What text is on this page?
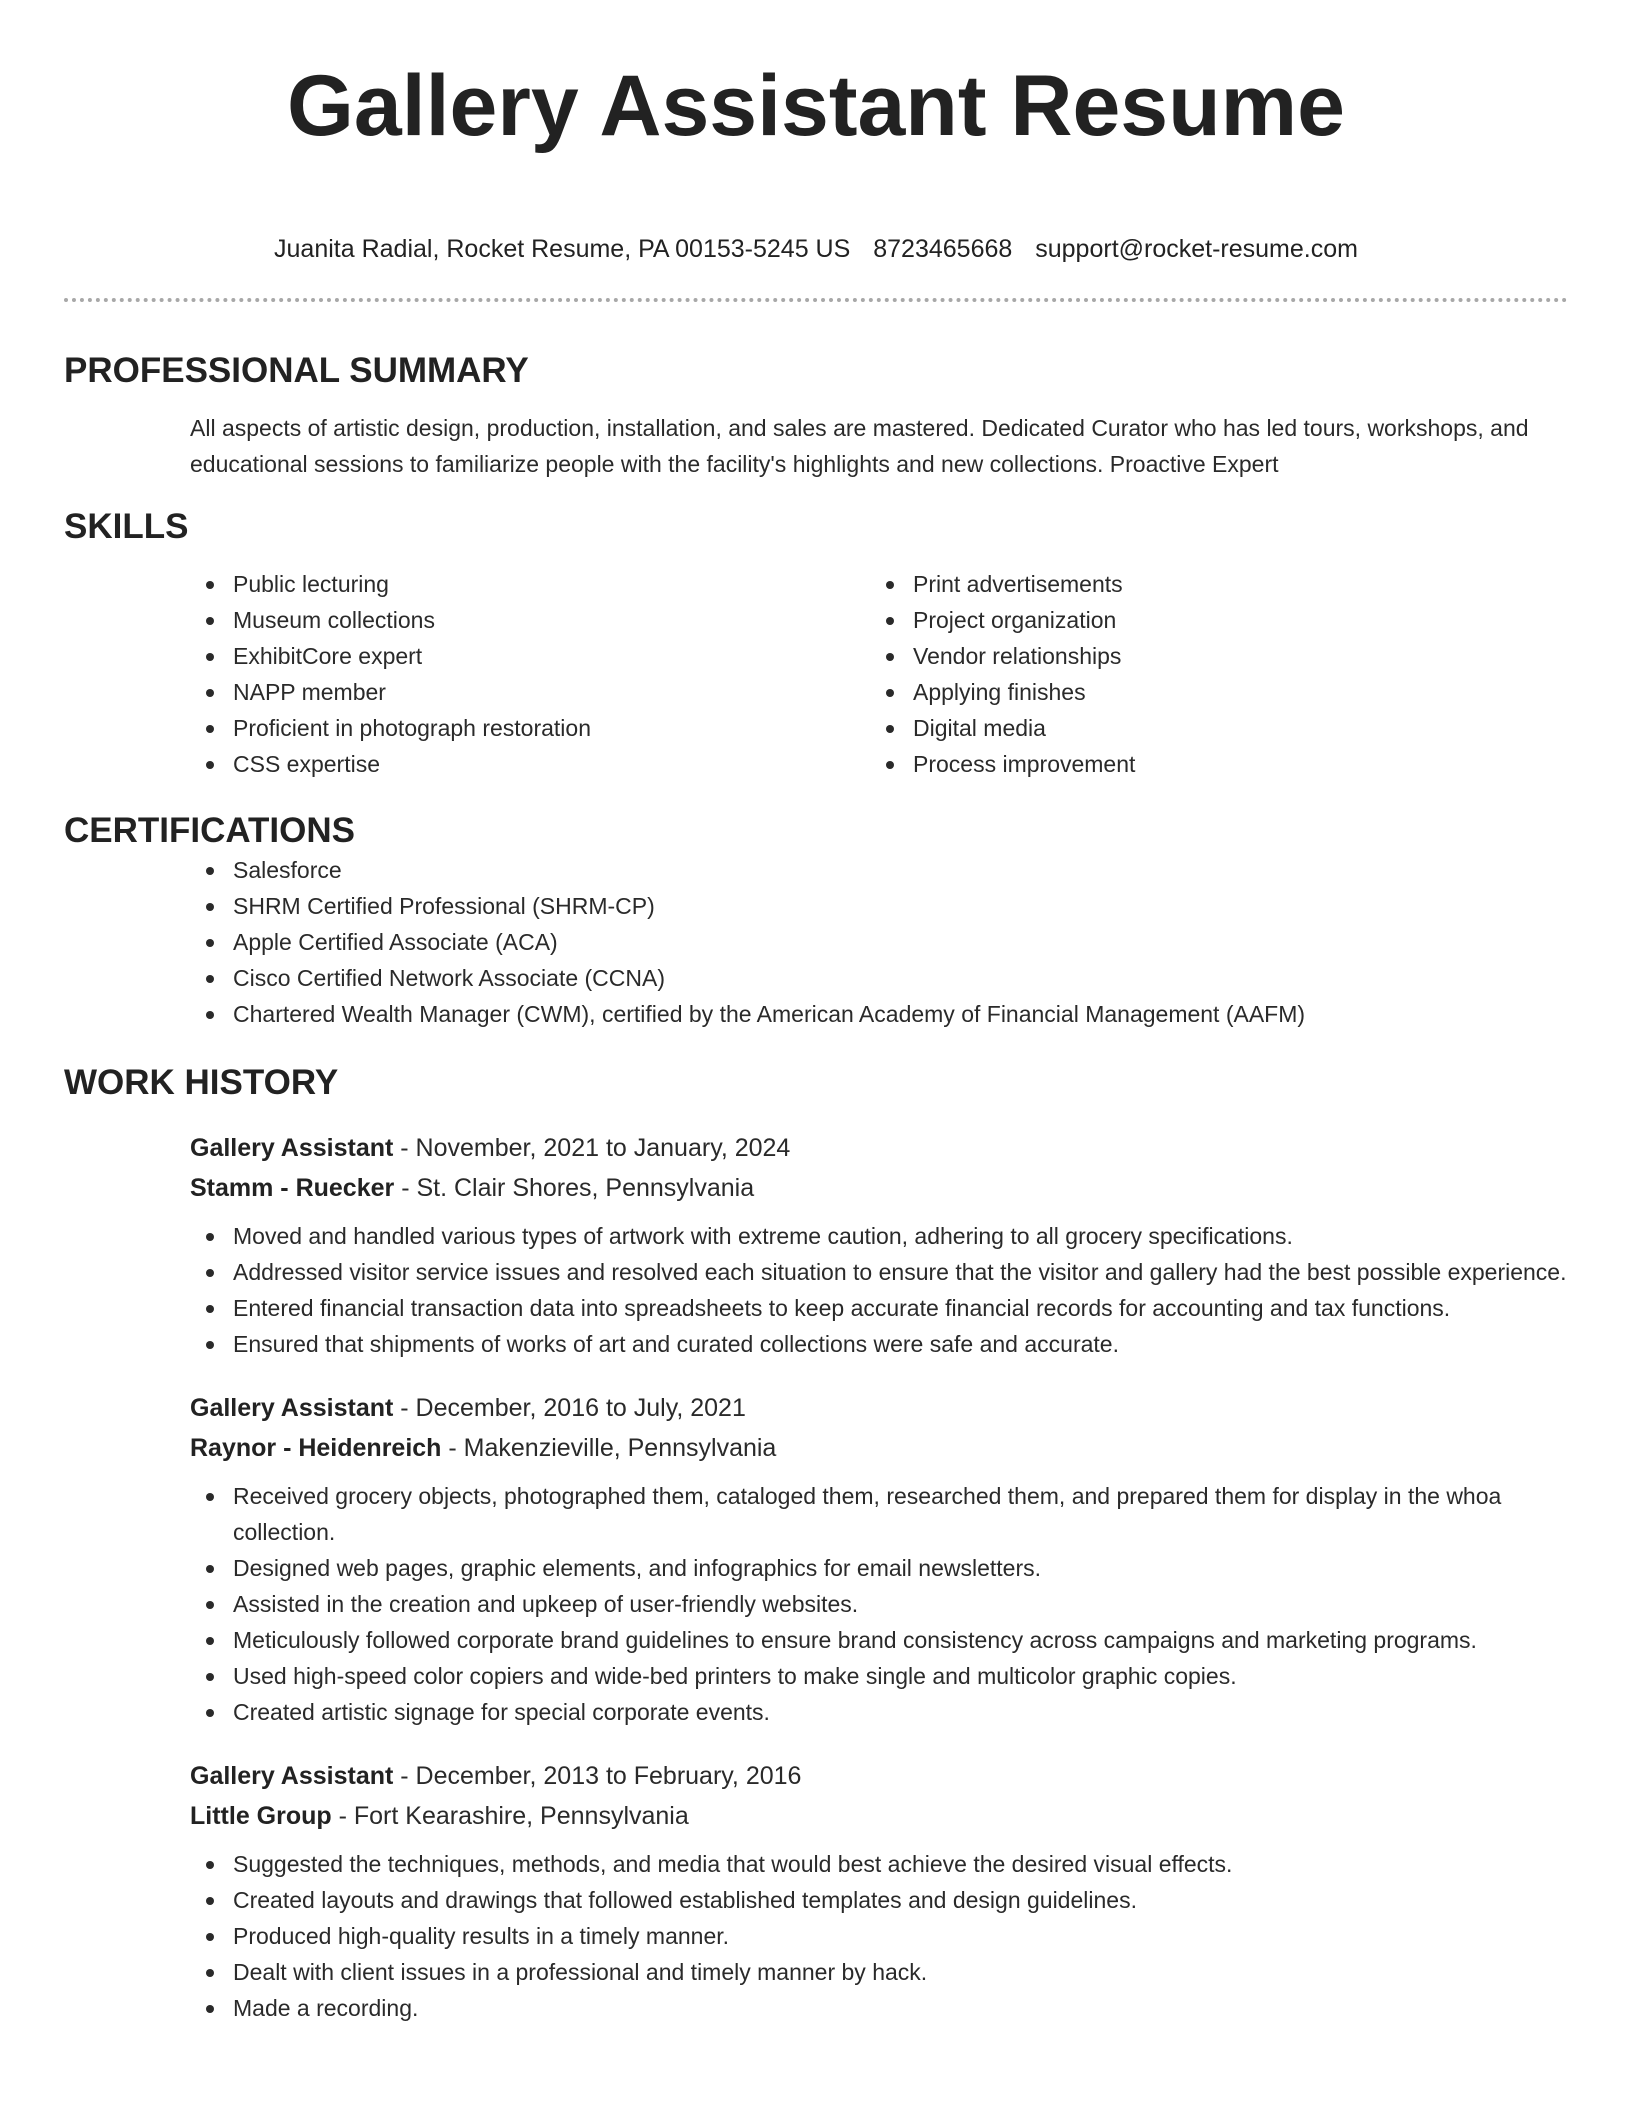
Gallery Assistant Resume
Juanita Radial, Rocket Resume, PA 00153-5245 US 8723465668 support@rocket-resume.com
PROFESSIONAL SUMMARY

All aspects of artistic design, production, installation, and sales are mastered. Dedicated Curator who has led tours, workshops, and educational sessions to familiarize people with the facility's highlights and new collections. Proactive Expert

SKILLS
Public lecturing
Museum collections
ExhibitCore expert
NAPP member
Proficient in photograph restoration
CSS expertise
Print advertisements
Project organization
Vendor relationships
Applying finishes
Digital media
Process improvement
CERTIFICATIONS
Salesforce
SHRM Certified Professional (SHRM-CP)
Apple Certified Associate (ACA)
Cisco Certified Network Associate (CCNA)
Chartered Wealth Manager (CWM), certified by the American Academy of Financial Management (AAFM)
WORK HISTORY
Gallery Assistant - November, 2021 to January, 2024
Stamm - Ruecker - St. Clair Shores, Pennsylvania
Moved and handled various types of artwork with extreme caution, adhering to all grocery specifications.
Addressed visitor service issues and resolved each situation to ensure that the visitor and gallery had the best possible experience.
Entered financial transaction data into spreadsheets to keep accurate financial records for accounting and tax functions.
Ensured that shipments of works of art and curated collections were safe and accurate.
Gallery Assistant - December, 2016 to July, 2021
Raynor - Heidenreich - Makenzieville, Pennsylvania
Received grocery objects, photographed them, cataloged them, researched them, and prepared them for display in the whoa collection.
Designed web pages, graphic elements, and infographics for email newsletters.
Assisted in the creation and upkeep of user-friendly websites.
Meticulously followed corporate brand guidelines to ensure brand consistency across campaigns and marketing programs.
Used high-speed color copiers and wide-bed printers to make single and multicolor graphic copies.
Created artistic signage for special corporate events.
Gallery Assistant - December, 2013 to February, 2016
Little Group - Fort Kearashire, Pennsylvania
Suggested the techniques, methods, and media that would best achieve the desired visual effects.
Created layouts and drawings that followed established templates and design guidelines.
Produced high-quality results in a timely manner.
Dealt with client issues in a professional and timely manner by hack.
Made a recording.
